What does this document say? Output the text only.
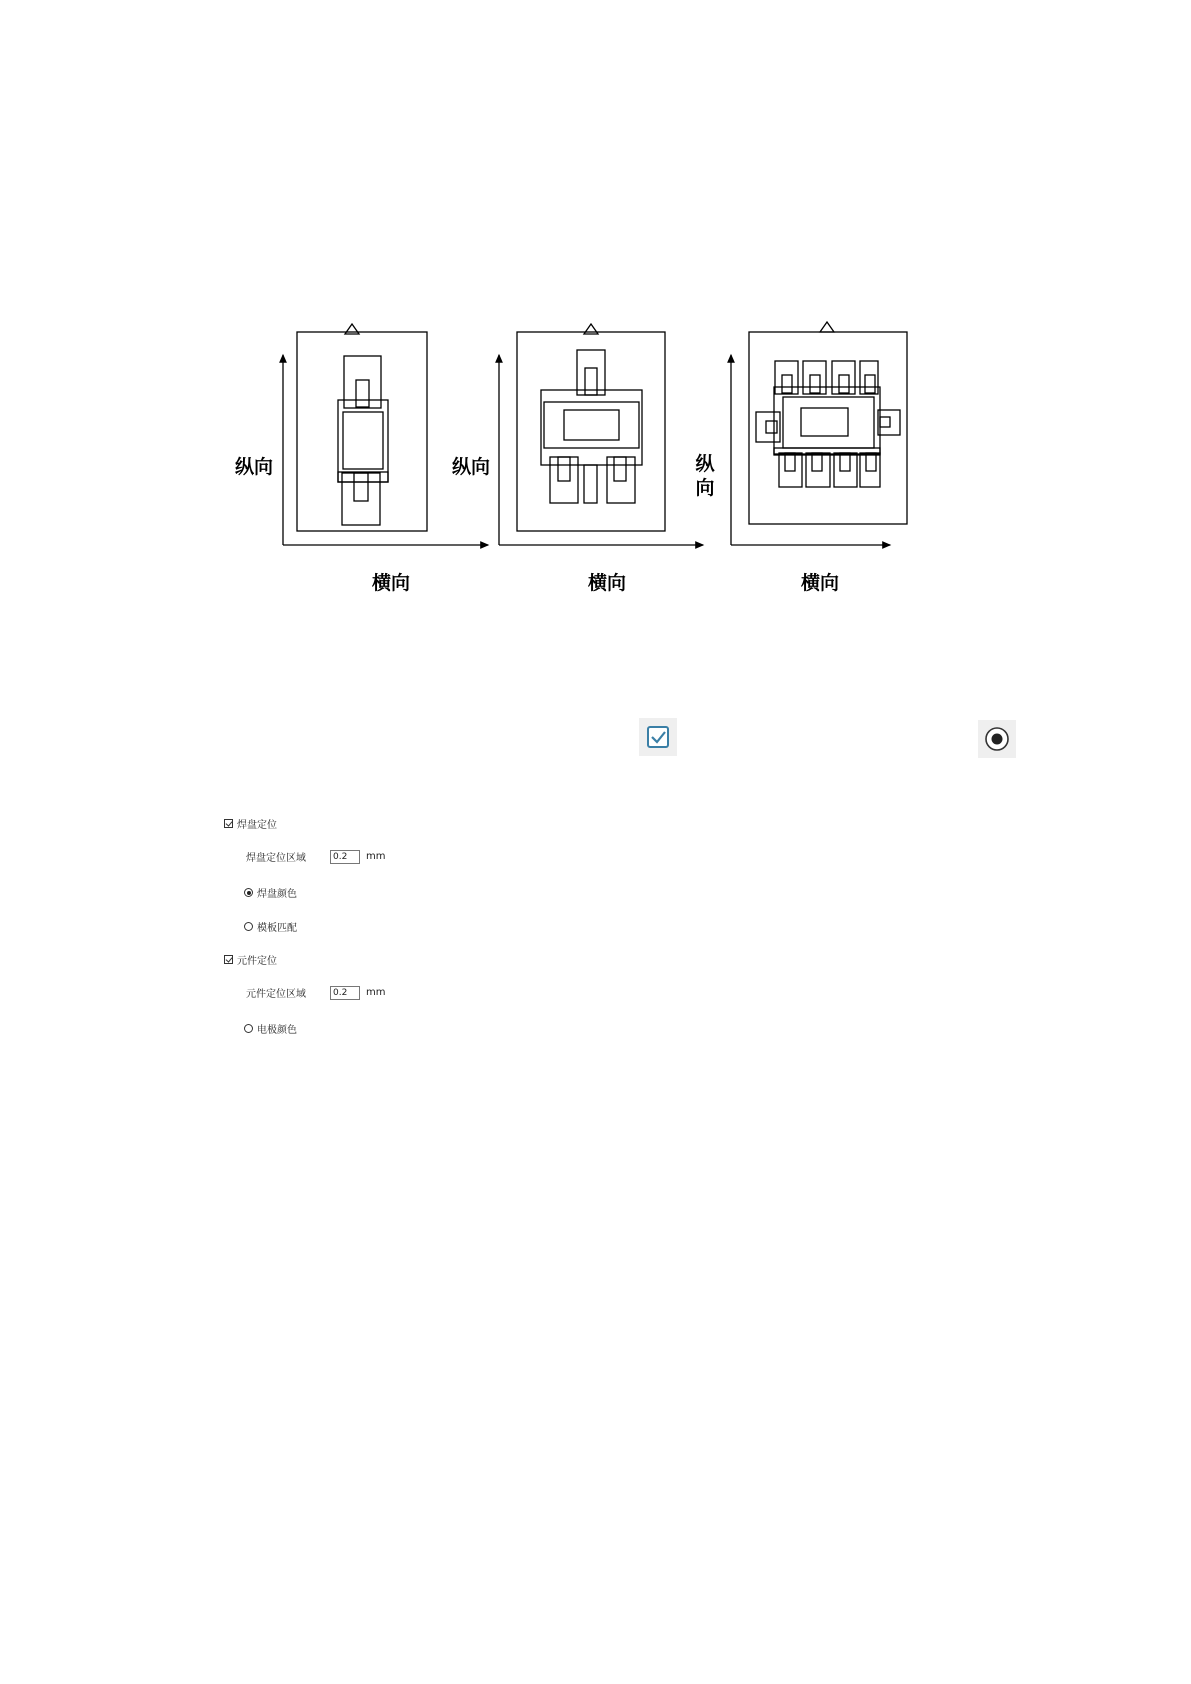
纵向
横向
纵向
横向
纵向
横向
焊盘定位
焊盘定位区域	0.2	mm
焊盘颜色
模板匹配
元件定位
元件定位区域	0.2	mm
电极颜色
